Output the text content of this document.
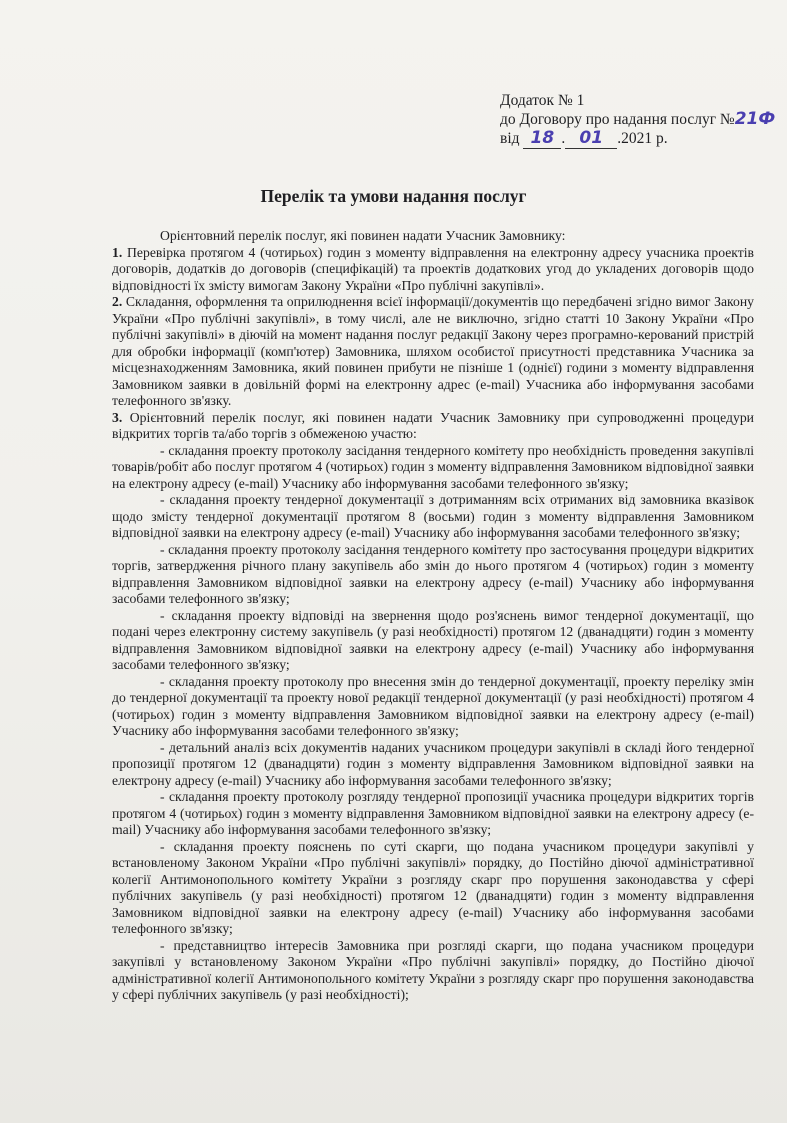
Додаток № 1
до Договору про надання послуг №21Ф
від 18 . 01 .2021 р.
Перелік та умови надання послуг

Орієнтовний перелік послуг, які повинен надати Учасник Замовнику:

1. Перевірка протягом 4 (чотирьох) годин з моменту відправлення на електронну адресу учасника проектів договорів, додатків до договорів (специфікацій) та проектів додаткових угод до укладених договорів щодо відповідності їх змісту вимогам Закону України «Про публічні закупівлі».

2. Складання, оформлення та оприлюднення всієї інформації/документів що передбачені згідно вимог Закону України «Про публічні закупівлі», в тому числі, але не виключно, згідно статті 10 Закону України «Про публічні закупівлі» в діючій на момент надання послуг редакції Закону через програмно-керований пристрій для обробки інформації (комп'ютер) Замовника, шляхом особистої присутності представника Учасника за місцезнаходженням Замовника, який повинен прибути не пізніше 1 (однієї) години з моменту відправлення Замовником заявки в довільній формі на електронну адрес (e-mail) Учасника або інформування засобами телефонного зв'язку.

3. Орієнтовний перелік послуг, які повинен надати Учасник Замовнику при супроводженні процедури відкритих торгів та/або торгів з обмеженою участю:

- складання проекту протоколу засідання тендерного комітету про необхідність проведення закупівлі товарів/робіт або послуг протягом 4 (чотирьох) годин з моменту відправлення Замовником відповідної заявки на електрону адресу (e-mail) Учаснику або інформування засобами телефонного зв'язку;

- складання проекту тендерної документації з дотриманням всіх отриманих від замовника вказівок щодо змісту тендерної документації протягом 8 (восьми) годин з моменту відправлення Замовником відповідної заявки на електрону адресу (e-mail) Учаснику або інформування засобами телефонного зв'язку;

- складання проекту протоколу засідання тендерного комітету про застосування процедури відкритих торгів, затвердження річного плану закупівель або змін до нього протягом 4 (чотирьох) годин з моменту відправлення Замовником відповідної заявки на електрону адресу (e-mail) Учаснику або інформування засобами телефонного зв'язку;

- складання проекту відповіді на звернення щодо роз'яснень вимог тендерної документації, що подані через електронну систему закупівель (у разі необхідності) протягом 12 (дванадцяти) годин з моменту відправлення Замовником відповідної заявки на електрону адресу (e-mail) Учаснику або інформування засобами телефонного зв'язку;

- складання проекту протоколу про внесення змін до тендерної документації, проекту переліку змін до тендерної документації та проекту нової редакції тендерної документації (у разі необхідності) протягом 4 (чотирьох) годин з моменту відправлення Замовником відповідної заявки на електрону адресу (e-mail) Учаснику або інформування засобами телефонного зв'язку;

- детальний аналіз всіх документів наданих учасником процедури закупівлі в складі його тендерної пропозиції протягом 12 (дванадцяти) годин з моменту відправлення Замовником відповідної заявки на електрону адресу (e-mail) Учаснику або інформування засобами телефонного зв'язку;

- складання проекту протоколу розгляду тендерної пропозиції учасника процедури відкритих торгів протягом 4 (чотирьох) годин з моменту відправлення Замовником відповідної заявки на електрону адресу (e-mail) Учаснику або інформування засобами телефонного зв'язку;

- складання проекту пояснень по суті скарги, що подана учасником процедури закупівлі у встановленому Законом України «Про публічні закупівлі» порядку, до Постійно діючої адміністративної колегії Антимонопольного комітету України з розгляду скарг про порушення законодавства у сфері публічних закупівель (у разі необхідності) протягом 12 (дванадцяти) годин з моменту відправлення Замовником відповідної заявки на електрону адресу (e-mail) Учаснику або інформування засобами телефонного зв'язку;

- представництво інтересів Замовника при розгляді скарги, що подана учасником процедури закупівлі у встановленому Законом України «Про публічні закупівлі» порядку, до Постійно діючої адміністративної колегії Антимонопольного комітету України з розгляду скарг про порушення законодавства у сфері публічних закупівель (у разі необхідності);
